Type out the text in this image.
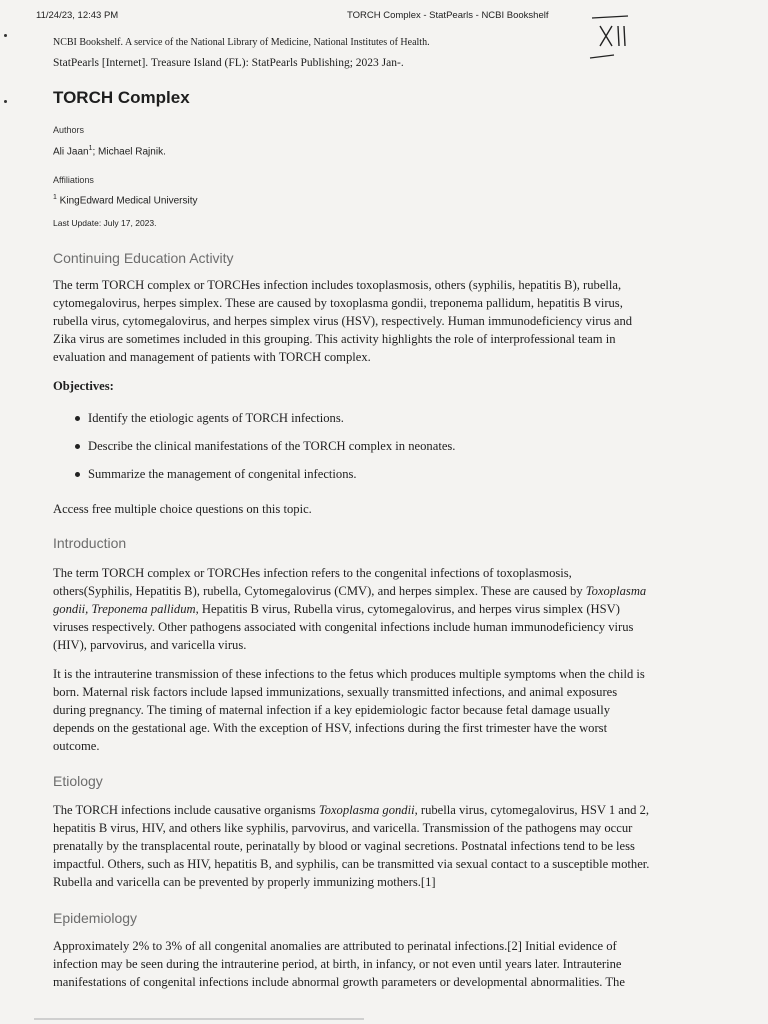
11/24/23, 12:43 PM	TORCH Complex - StatPearls - NCBI Bookshelf
NCBI Bookshelf. A service of the National Library of Medicine, National Institutes of Health.
StatPearls [Internet]. Treasure Island (FL): StatPearls Publishing; 2023 Jan-.
TORCH Complex
Authors
Ali Jaan$^1$; Michael Rajnik.
Affiliations
$^1$ KingEdward Medical University
Last Update: July 17, 2023.
Continuing Education Activity
The term TORCH complex or TORCHes infection includes toxoplasmosis, others (syphilis, hepatitis B), rubella,
cytomegalovirus, herpes simplex. These are caused by toxoplasma gondii, treponema pallidum, hepatitis B virus,
rubella virus, cytomegalovirus, and herpes simplex virus (HSV), respectively. Human immunodeficiency virus and
Zika virus are sometimes included in this grouping. This activity highlights the role of interprofessional team in
evaluation and management of patients with TORCH complex.
Objectives:
Identify the etiologic agents of TORCH infections.
Describe the clinical manifestations of the TORCH complex in neonates.
Summarize the management of congenital infections.
Access free multiple choice questions on this topic.
Introduction
The term TORCH complex or TORCHes infection refers to the congenital infections of toxoplasmosis,
others(Syphilis, Hepatitis B), rubella, Cytomegalovirus (CMV), and herpes simplex. These are caused by Toxoplasma
gondii, Treponema pallidum, Hepatitis B virus, Rubella virus, cytomegalovirus, and herpes virus simplex (HSV)
viruses respectively. Other pathogens associated with congenital infections include human immunodeficiency virus
(HIV), parvovirus, and varicella virus.
It is the intrauterine transmission of these infections to the fetus which produces multiple symptoms when the child is
born. Maternal risk factors include lapsed immunizations, sexually transmitted infections, and animal exposures
during pregnancy. The timing of maternal infection if a key epidemiologic factor because fetal damage usually
depends on the gestational age. With the exception of HSV, infections during the first trimester have the worst
outcome.
Etiology
The TORCH infections include causative organisms Toxoplasma gondii, rubella virus, cytomegalovirus, HSV 1 and 2,
hepatitis B virus, HIV, and others like syphilis, parvovirus, and varicella. Transmission of the pathogens may occur
prenatally by the transplacental route, perinatally by blood or vaginal secretions. Postnatal infections tend to be less
impactful. Others, such as HIV, hepatitis B, and syphilis, can be transmitted via sexual contact to a susceptible mother.
Rubella and varicella can be prevented by properly immunizing mothers.[1]
Epidemiology
Approximately 2% to 3% of all congenital anomalies are attributed to perinatal infections.[2] Initial evidence of
infection may be seen during the intrauterine period, at birth, in infancy, or not even until years later. Intrauterine
manifestations of congenital infections include abnormal growth parameters or developmental abnormalities. The
